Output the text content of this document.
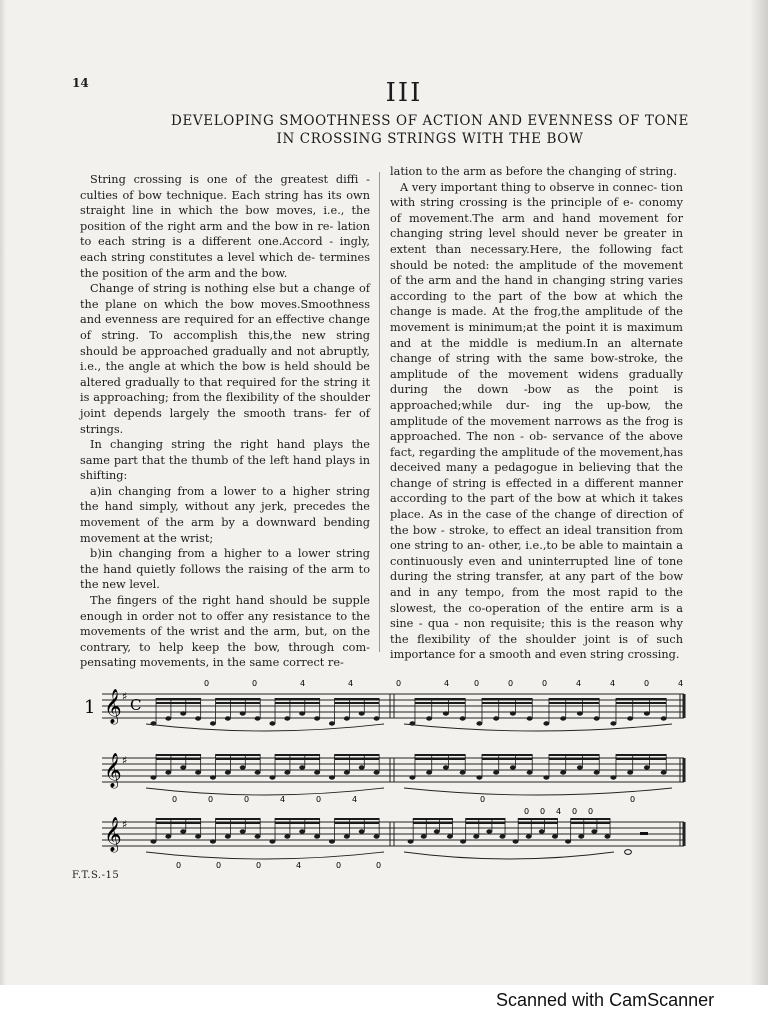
14	III
DEVELOPING SMOOTHNESS OF ACTION AND EVENNESS OF TONE
IN CROSSING STRINGS WITH THE BOW

String crossing is one of the greatest diffi - culties of bow technique. Each string has its own straight line in which the bow moves, i.e., the position of the right arm and the bow in re- lation to each string is a different one.Accord - ingly, each string constitutes a level which de- termines the position of the arm and the bow.

Change of string is nothing else but a change of the plane on which the bow moves.Smoothness and evenness are required for an effective change of string. To accomplish this,the new string should be approached gradually and not abruptly, i.e., the angle at which the bow is held should be altered gradually to that required for the string it is approaching; from the flexibility of the shoulder joint depends largely the smooth trans- fer of strings.

In changing string the right hand plays the same part that the thumb of the left hand plays in shifting:

a)in changing from a lower to a higher string the hand simply, without any jerk, precedes the movement of the arm by a downward bending movement at the wrist;

b)in changing from a higher to a lower string the hand quietly follows the raising of the arm to the new level.

The fingers of the right hand should be supple enough in order not to offer any resistance to the movements of the wrist and the arm, but, on the contrary, to help keep the bow, through com- pensating movements, in the same correct re-

lation to the arm as before the changing of string.

A very important thing to observe in connec- tion with string crossing is the principle of e- conomy of movement.The arm and hand movement for changing string level should never be greater in extent than necessary.Here, the following fact should be noted: the amplitude of the movement of the arm and the hand in changing string varies according to the part of the bow at which the change is made. At the frog,the amplitude of the movement is minimum;at the point it is maximum and at the middle is medium.In an alternate change of string with the same bow-stroke, the amplitude of the movement widens gradually during the down -bow as the point is approached;while dur- ing the up-bow, the amplitude of the movement narrows as the frog is approached. The non - ob- servance of the above fact, regarding the amplitude of the movement,has deceived many a pedagogue in believing that the change of string is effected in a different manner according to the part of the bow at which it takes place. As in the case of the change of direction of the bow - stroke, to effect an ideal transition from one string to an- other, i.e.,to be able to maintain a continuously even and uninterrupted line of tone during the string transfer, at any part of the bow and in any tempo, from the most rapid to the slowest, the co-operation of the entire arm is a sine - qua - non requisite; this is the reason why the flexibility of the shoulder joint is of such importance for a smooth and even string crossing.

𝄞 ♯
𝄞 ♯
𝄞 ♯
1 C
0	0	4	4	0	4	0	0	0	4	4	0	4
0	0	0	4	0	4	0	0
0	0	0	4	0	0
0 0 4 0 0
F.T.S.-15
Scanned with CamScanner
